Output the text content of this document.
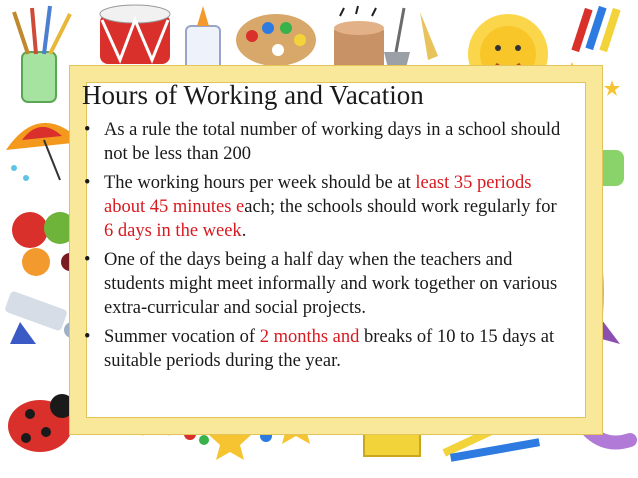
Hours of Working and Vacation
• As a rule the total number of working days in a school should not be less than 200
• The working hours per week should be at least 35 periods about 45 minutes each; the schools should work regularly for 6 days in the week.
• One of the days being a half day when the teachers and students might meet informally and work together on various extra-curricular and social projects.
• Summer vocation of 2 months and breaks of 10 to 15 days at suitable periods during the year.
